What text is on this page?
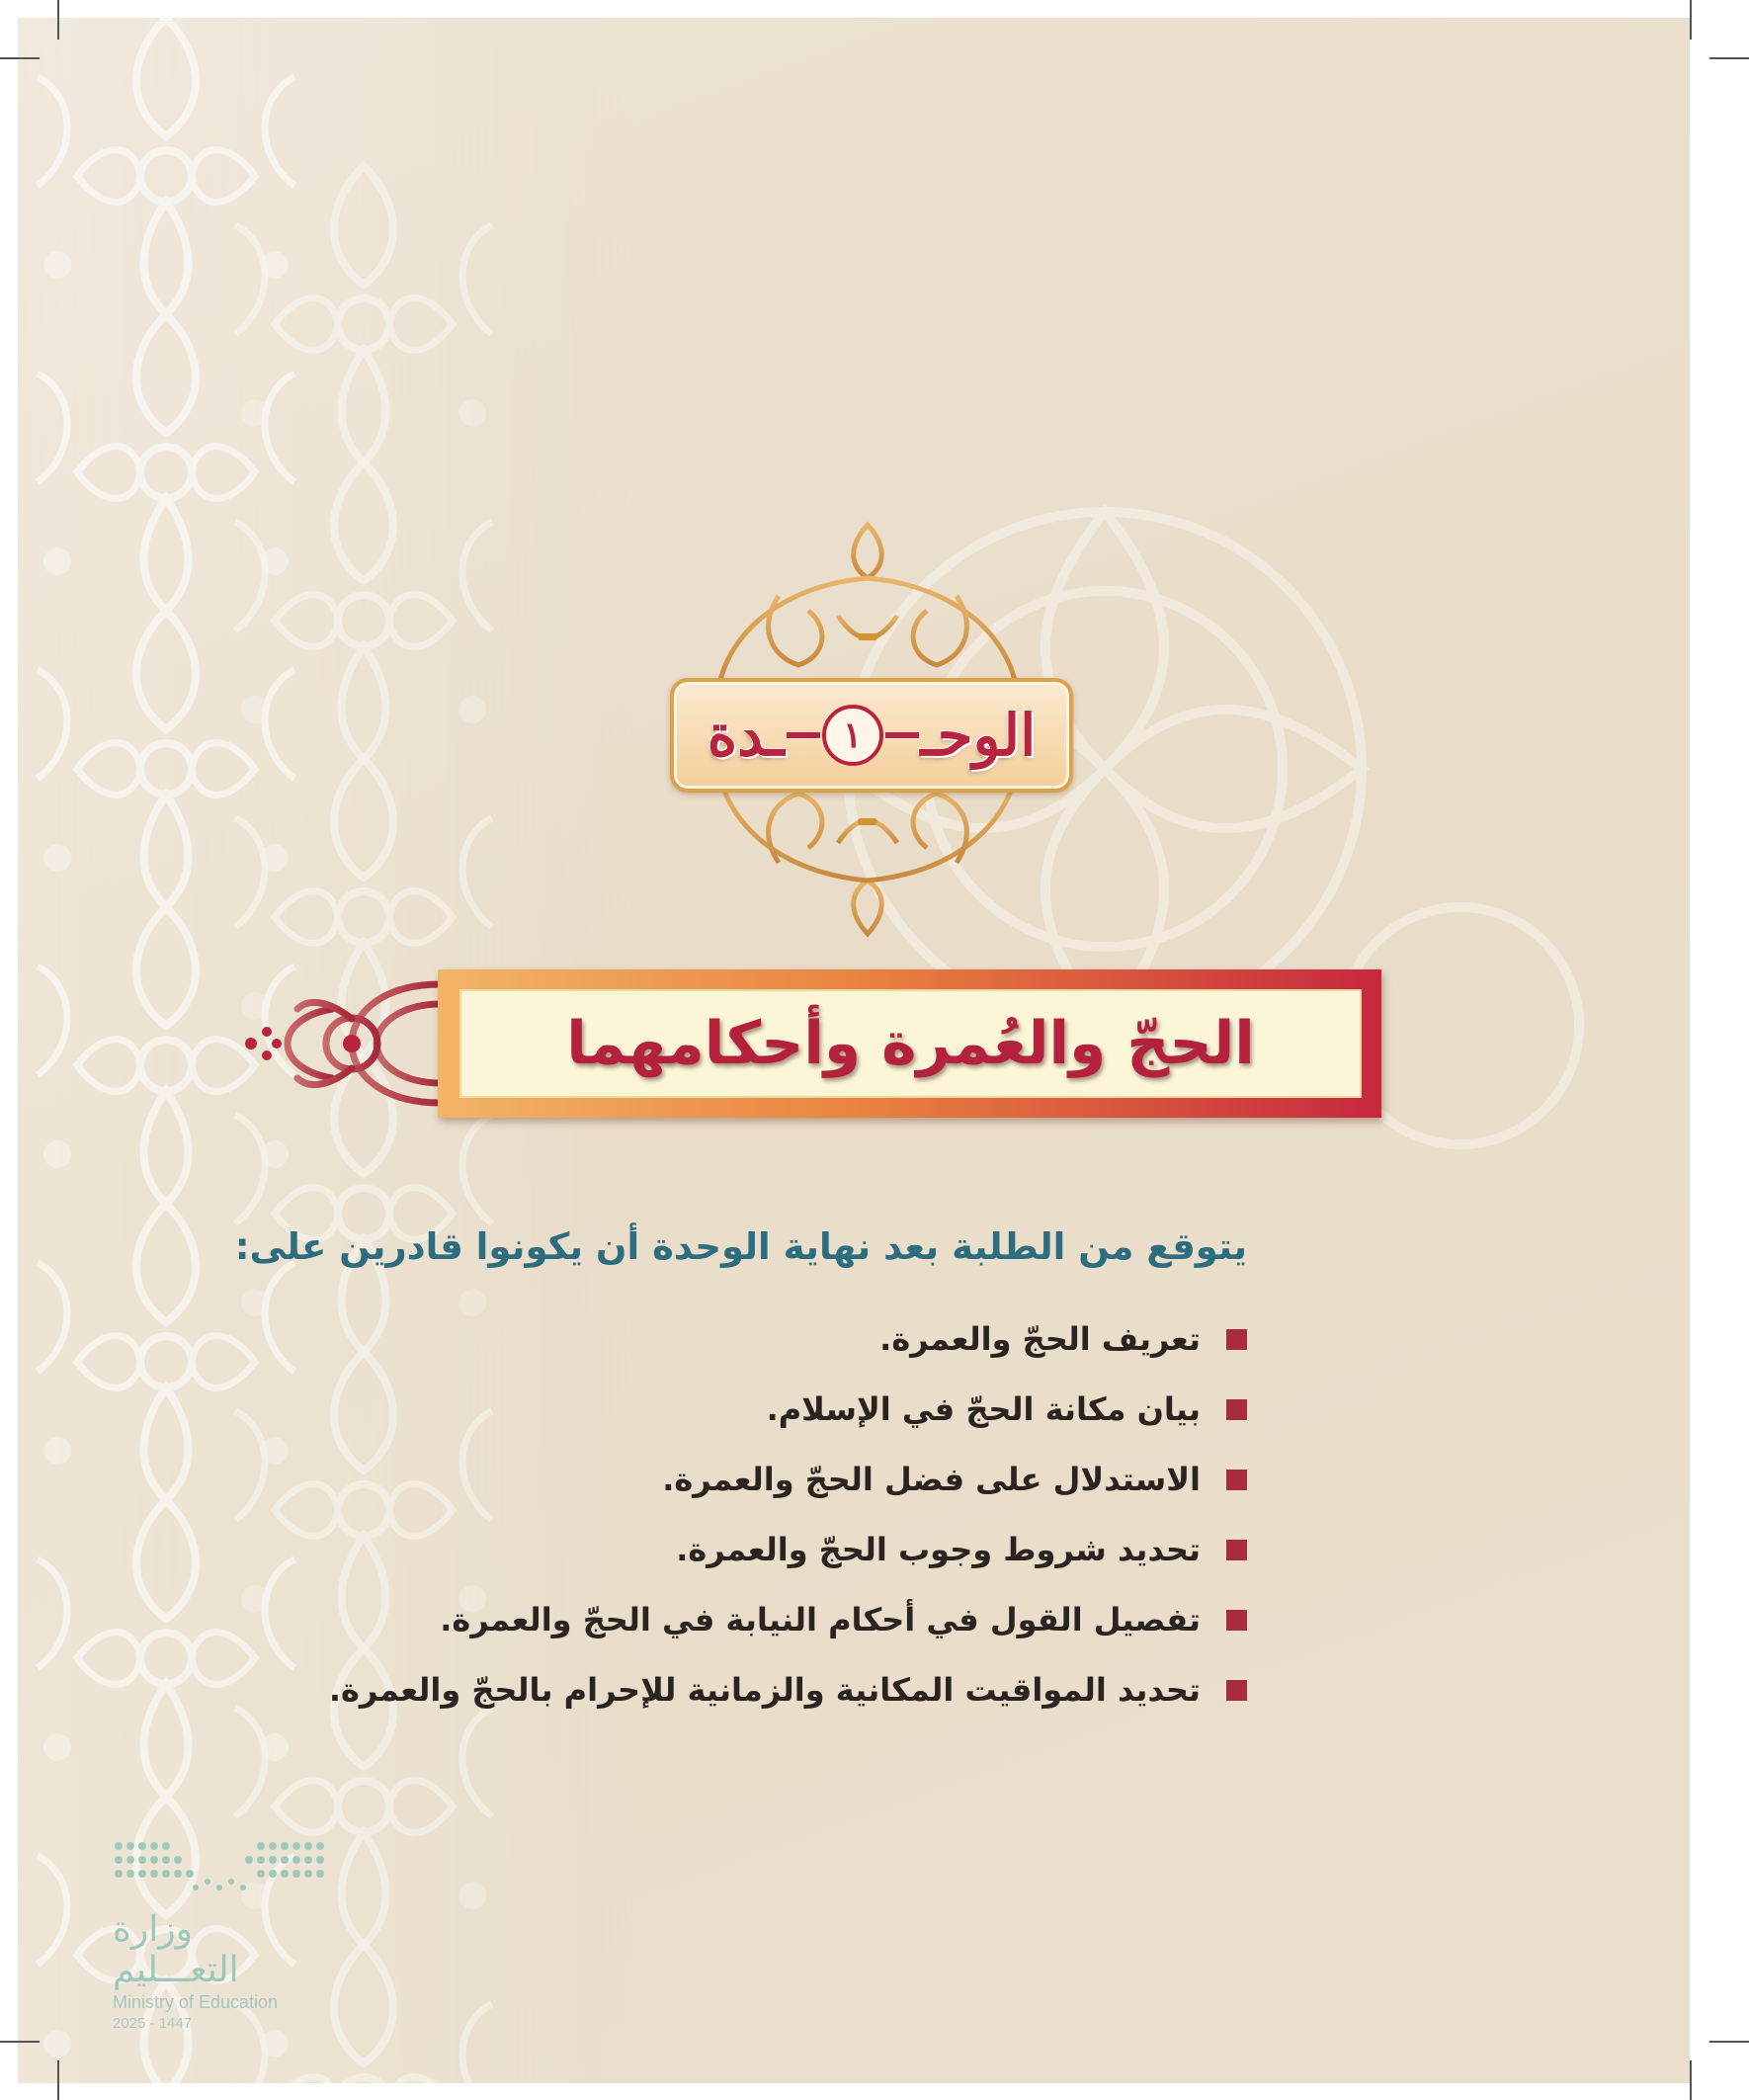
الوحـ
١
ـدة
الحجّ والعُمرة وأحكامهما
يتوقع من الطلبة بعد نهاية الوحدة أن يكونوا قادرين على:
تعريف الحجّ والعمرة.
بيان مكانة الحجّ في الإسلام.
الاستدلال على فضل الحجّ والعمرة.
تحديد شروط وجوب الحجّ والعمرة.
تفصيل القول في أحكام النيابة في الحجّ والعمرة.
تحديد المواقيت المكانية والزمانية للإحرام بالحجّ والعمرة.
وزارة التعـــليم
Ministry of Education
2025 - 1447
